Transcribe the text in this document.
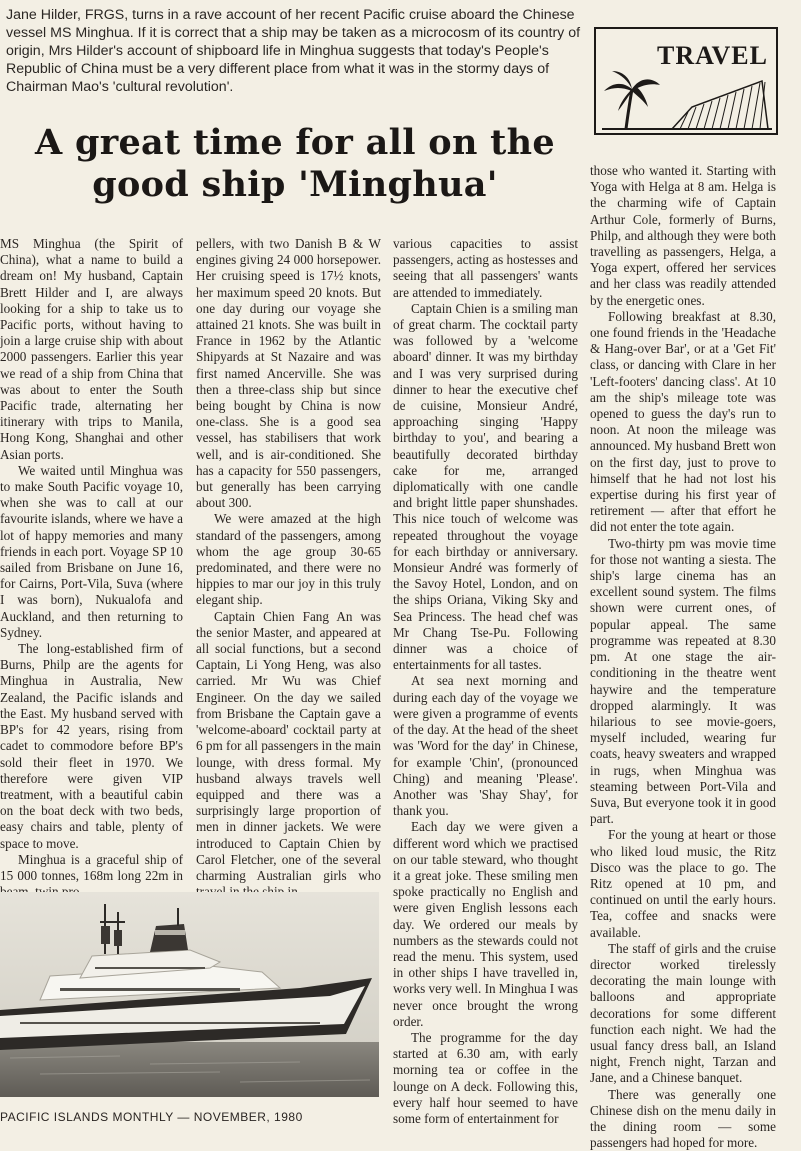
Jane Hilder, FRGS, turns in a rave account of her recent Pacific cruise aboard the Chinese vessel MS Minghua. If it is correct that a ship may be taken as a microcosm of its country of origin, Mrs Hilder's account of shipboard life in Minghua suggests that today's People's Republic of China must be a very different place from what it was in the stormy days of Chairman Mao's 'cultural revolution'.

TRAVEL
A great time for all on the good ship 'Minghua'

MS Minghua (the Spirit of China), what a name to build a dream on! My husband, Captain Brett Hilder and I, are always looking for a ship to take us to Pacific ports, without having to join a large cruise ship with about 2000 passengers. Earlier this year we read of a ship from China that was about to enter the South Pacific trade, alternating her itinerary with trips to Manila, Hong Kong, Shanghai and other Asian ports.

We waited until Minghua was to make South Pacific voyage 10, when she was to call at our favourite islands, where we have a lot of happy memories and many friends in each port. Voyage SP 10 sailed from Brisbane on June 16, for Cairns, Port-Vila, Suva (where I was born), Nukualofa and Auckland, and then returning to Sydney.

The long-established firm of Burns, Philp are the agents for Minghua in Australia, New Zealand, the Pacific islands and the East. My husband served with BP's for 42 years, rising from cadet to commodore before BP's sold their fleet in 1970. We therefore were given VIP treatment, with a beautiful cabin on the boat deck with two beds, easy chairs and table, plenty of space to move.

Minghua is a graceful ship of 15 000 tonnes, 168m long 22m in

pellers, with two Danish B & W engines giving 24 000 horsepower. Her cruising speed is 17½ knots, her maximum speed 20 knots. But one day during our voyage she attained 21 knots. She was built in France in 1962 by the Atlantic Shipyards at St Nazaire and was first named Ancerville. She was then a three-class ship but since being bought by China is now one-class. She is a good sea vessel, has stabilisers that work well, and is air-conditioned. She has a capacity for 550 passengers, but generally has been carrying about 300.

We were amazed at the high standard of the passengers, among whom the age group 30-65 predominated, and there were no hippies to mar our joy in this truly elegant ship.

Captain Chien Fang An was the senior Master, and appeared at all social functions, but a second Captain, Li Yong Heng, was also carried. Mr Wu was Chief Engineer. On the day we sailed from Brisbane the Captain gave a 'welcome-aboard' cocktail party at 6 pm for all passengers in the main lounge, with dress formal. My husband always travels well equipped and there was a surprisingly large proportion of men in dinner jackets. We were introduced to Captain Chien by Carol Fletcher, one of the several charming Australian girls who

various capacities to assist passengers, acting as hostesses and seeing that all passengers' wants are attended to immediately.

Captain Chien is a smiling man of great charm. The cocktail party was followed by a 'welcome aboard' dinner. It was my birthday and I was very surprised during dinner to hear the executive chef de cuisine, Monsieur André, approaching singing 'Happy birthday to you', and bearing a beautifully decorated birthday cake for me, arranged diplomatically with one candle and bright little paper shunshades. This nice touch of welcome was repeated throughout the voyage for each birthday or anniversary. Monsieur André was formerly of the Savoy Hotel, London, and on the ships Oriana, Viking Sky and Sea Princess. The head chef was Mr Chang Tse-Pu. Following dinner was a choice of entertainments for all tastes.

At sea next morning and during each day of the voyage we were given a programme of events of the day. At the head of the sheet was 'Word for the day' in Chinese, for example 'Chin', (pronounced Ching) and meaning 'Please'. Another was 'Shay Shay', for thank you.

Each day we were given a different word which we practised on our table steward, who thought it a great joke. These smiling men spoke practically no English and were given English lessons each day. We ordered our meals by numbers as the stewards could not read the menu. This system, used in other ships I have travelled in, works very well. In Minghua I was never once brought the wrong order.

The programme for the day started at 6.30 am, with early morning tea or coffee in the lounge on A deck. Following this, every half hour seemed to have some form of entertainment for

those who wanted it. Starting with Yoga with Helga at 8 am. Helga is the charming wife of Captain Arthur Cole, formerly of Burns, Philp, and although they were both travelling as passengers, Helga, a Yoga expert, offered her services and her class was readily attended by the energetic ones.

Following breakfast at 8.30, one found friends in the 'Headache & Hang-over Bar', or at a 'Get Fit' class, or dancing with Clare in her 'Left-footers' dancing class'. At 10 am the ship's mileage tote was opened to guess the day's run to noon. At noon the mileage was announced. My husband Brett won on the first day, just to prove to himself that he had not lost his expertise during his first year of retirement — after that effort he did not enter the tote again.

Two-thirty pm was movie time for those not wanting a siesta. The ship's large cinema has an excellent sound system. The films shown were current ones, of popular appeal. The same programme was repeated at 8.30 pm. At one stage the air-conditioning in the theatre went haywire and the temperature dropped alarmingly. It was hilarious to see movie-goers, myself included, wearing fur coats, heavy sweaters and wrapped in rugs, when Minghua was steaming between Port-Vila and Suva, But everyone took it in good part.

For the young at heart or those who liked loud music, the Ritz Disco was the place to go. The Ritz opened at 10 pm, and continued on until the early hours. Tea, coffee and snacks were available.

The staff of girls and the cruise director worked tirelessly decorating the main lounge with balloons and appropriate decorations for some different function each night. We had the usual fancy dress ball, an Island night, French night, Tarzan and Jane, and a Chinese banquet.

There was generally one Chinese dish on the menu daily in the dining room — some passengers had hoped for more.

PACIFIC ISLANDS MONTHLY — NOVEMBER, 1980
